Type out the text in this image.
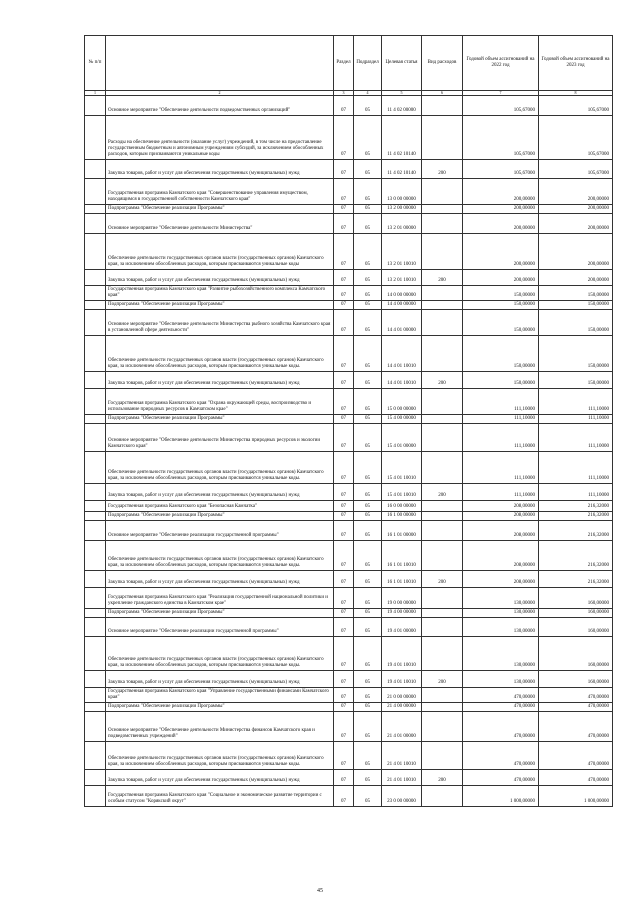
№ п/п		Раздел	Подраздел	Целевая статья	Вид расходов	Годовой объем ассигнований на 2022 год	Годовой объем ассигнований на 2023 год
1	2	3	4	5	6	7	8
	Основное мероприятие "Обеспечение деятельности подведомственных организаций"	07	05	11 4 02 00000		105,67000	105,67000
	Расходы на обеспечение деятельности (оказание услуг) учреждений, в том числе на предоставление государственным бюджетным и автономным учреждениям субсидий, за исключением обособленных расходов, которым присваиваются уникальные коды	07	05	11 4 02 10140		105,67000	105,67000
	Закупка товаров, работ и услуг для обеспечения государственных (муниципальных) нужд	07	05	11 4 02 10140	200	105,67000	105,67000
	Государственная программа Камчатского края "Совершенствование управления имуществом, находящимся в государственной собственности Камчатского края"	07	05	13 0 00 00000		200,00000	200,00000
	Подпрограмма "Обеспечение реализации Программы"	07	05	13 2 00 00000		200,00000	200,00000
	Основное мероприятие "Обеспечение деятельности Министерства"	07	05	13 2 01 00000		200,00000	200,00000
	Обеспечение деятельности государственных органов власти (государственных органов) Камчатского края, за исключением обособленных расходов, которым присваиваются уникальные коды	07	05	13 2 01 10010		200,00000	200,00000
	Закупка товаров, работ и услуг для обеспечения государственных (муниципальных) нужд	07	05	13 2 01 10010	200	200,00000	200,00000
	Государственная программа Камчатского края "Развитие рыбохозяйственного комплекса Камчатского края"	07	05	14 0 00 00000		150,00000	150,00000
	Подпрограмма "Обеспечение реализации Программы"	07	05	14 4 00 00000		150,00000	150,00000
	Основное мероприятие "Обеспечение деятельности Министерства рыбного хозяйства Камчатского края в установленной сфере деятельности"	07	05	14 4 01 00000		150,00000	150,00000
	Обеспечение деятельности государственных органов власти (государственных органов) Камчатского края, за исключением обособленных расходов, которым присваиваются уникальные коды.	07	05	14 4 01 10010		150,00000	150,00000
	Закупка товаров, работ и услуг для обеспечения государственных (муниципальных) нужд	07	05	14 4 01 10010	200	150,00000	150,00000
	Государственная программа Камчатского края "Охрана окружающей среды, воспроизводство и использование природных ресурсов в Камчатском крае"	07	05	15 0 00 00000		111,10000	111,10000
	Подпрограмма "Обеспечение реализации Программы"	07	05	15 4 00 00000		111,10000	111,10000
	Основное мероприятие "Обеспечение деятельности Министерства природных ресурсов и экологии Камчатского края"	07	05	15 4 01 00000		111,10000	111,10000
	Обеспечение деятельности государственных органов власти (государственных органов) Камчатского края, за исключением обособленных расходов, которым присваиваются уникальные коды.	07	05	15 4 01 10010		111,10000	111,10000
	Закупка товаров, работ и услуг для обеспечения государственных (муниципальных) нужд	07	05	15 4 01 10010	200	111,10000	111,10000
	Государственная программа Камчатского края "Безопасная Камчатка"	07	05	16 0 00 00000		208,00000	216,32000
	Подпрограмма "Обеспечение реализации Программы"	07	05	16 1 00 00000		208,00000	216,32000
	Основное мероприятие "Обеспечение реализации государственной программы"	07	05	16 1 01 00000		208,00000	216,32000
	Обеспечение деятельности государственных органов власти (государственных органов) Камчатского края, за исключением обособленных расходов, которым присваиваются уникальные коды.	07	05	16 1 01 10010		208,00000	216,32000
	Закупка товаров, работ и услуг для обеспечения государственных (муниципальных) нужд	07	05	16 1 01 10010	200	208,00000	216,32000
	Государственная программа Камчатского края "Реализация государственной национальной политики и укрепление гражданского единства в Камчатском крае"	07	05	19 0 00 00000		130,00000	160,00000
	Подпрограмма "Обеспечение реализации Программы"	07	05	19 4 00 00000		130,00000	160,00000
	Основное мероприятие "Обеспечение реализации государственной программы"	07	05	19 4 01 00000		130,00000	160,00000
	Обеспечение деятельности государственных органов власти (государственных органов) Камчатского края, за исключением обособленных расходов, которым присваиваются уникальные коды.	07	05	19 4 01 10010		130,00000	160,00000
	Закупка товаров, работ и услуг для обеспечения государственных (муниципальных) нужд	07	05	19 4 01 10010	200	130,00000	160,00000
	Государственная программа Камчатского края "Управление государственными финансами Камчатского края"	07	05	21 0 00 00000		470,00000	470,00000
	Подпрограмма "Обеспечение реализации Программы"	07	05	21 4 00 00000		470,00000	470,00000
	Основное мероприятие "Обеспечение деятельности Министерства финансов Камчатского края и подведомственных учреждений"	07	05	21 4 01 00000		470,00000	470,00000
	Обеспечение деятельности государственных органов власти (государственных органов) Камчатского края, за исключением обособленных расходов, которым присваиваются уникальные коды.	07	05	21 4 01 10010		470,00000	470,00000
	Закупка товаров, работ и услуг для обеспечения государственных (муниципальных) нужд	07	05	21 4 01 10010	200	470,00000	470,00000
	Государственная программа Камчатского края "Социальное и экономическое развитие территории с особым статусом "Корякский округ"	07	05	23 0 00 00000		1 000,00000	1 000,00000
45
